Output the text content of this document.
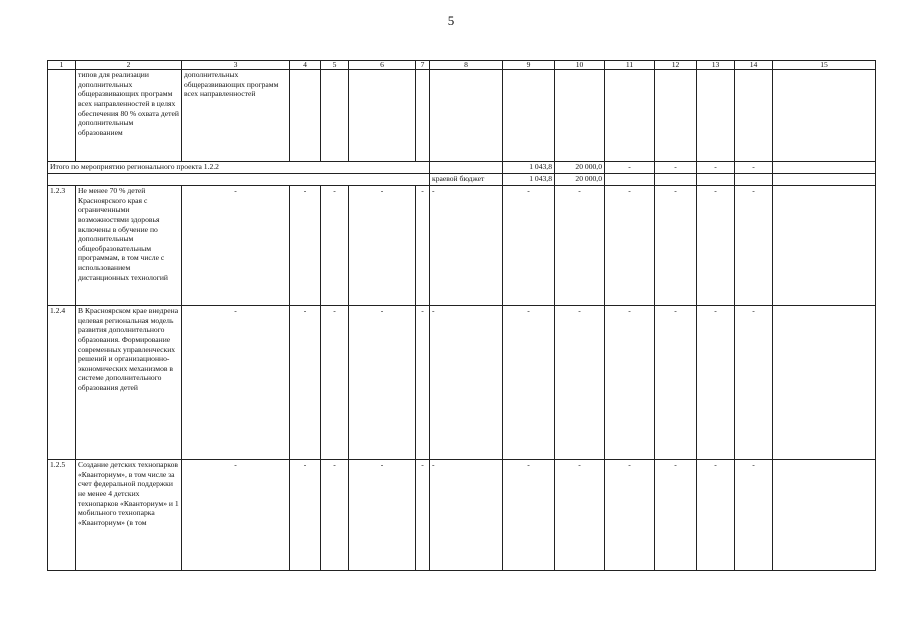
5
1	2	3	4	5	6	7	8	9	10	11	12	13	14	15
	типов для реализации дополнительных общеразвивающих программ всех направленностей в целях обеспечения 80 % охвата детей дополнительным образованием	дополнительных общеразвивающих программ всех направленностей												
Итого по мероприятию регионального проекта 1.2.2								1 043,8	20 000,0	-	-	-	-	
							краевой бюджет	1 043,8	20 000,0					
1.2.3	Не менее 70 % детей Красноярского края с ограниченными возможностями здоровья включены в обучение по дополнительным общеобразовательным программам, в том числе с использованием дистанционных технологий	-	-	-	-	-	-	-	-	-	-	-	-	
1.2.4	В Красноярском крае внедрена целевая региональная модель развития дополнительного образования. Формирование современных управленческих решений и организационно-экономических механизмов в системе дополнительного образования детей	-	-	-	-	-	-	-	-	-	-	-	-	
1.2.5	Создание детских технопарков «Кванториум», в том числе за счет федеральной поддержки не менее 4 детских технопарков «Кванториум» и 1 мобильного технопарка «Кванториум» (в том	-	-	-	-	-	-	-	-	-	-	-	-	
